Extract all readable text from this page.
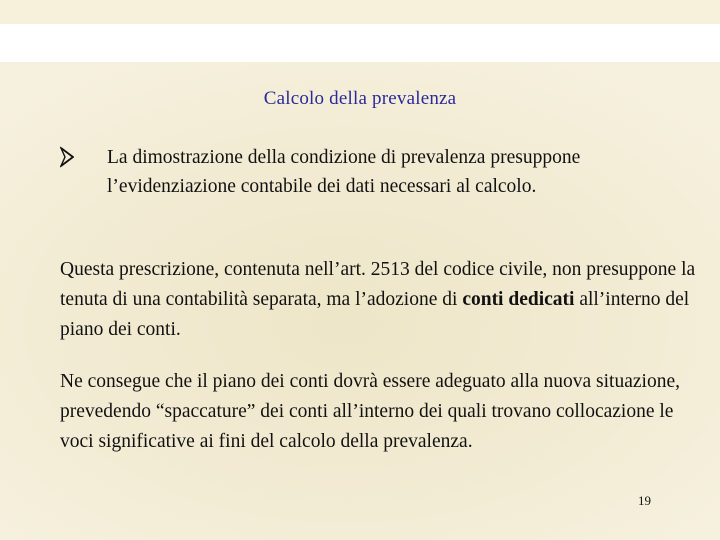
Calcolo della prevalenza
La dimostrazione della condizione di prevalenza presuppone l’evidenziazione contabile dei dati necessari al calcolo.
Questa prescrizione, contenuta nell’art. 2513 del codice civile, non presuppone la tenuta di una contabilità separata, ma l’adozione di conti dedicati all’interno del piano dei conti.
Ne consegue che il piano dei conti dovrà essere adeguato alla nuova situazione, prevedendo “spaccature” dei conti all’interno dei quali trovano collocazione le voci significative ai fini del calcolo della prevalenza.
19
